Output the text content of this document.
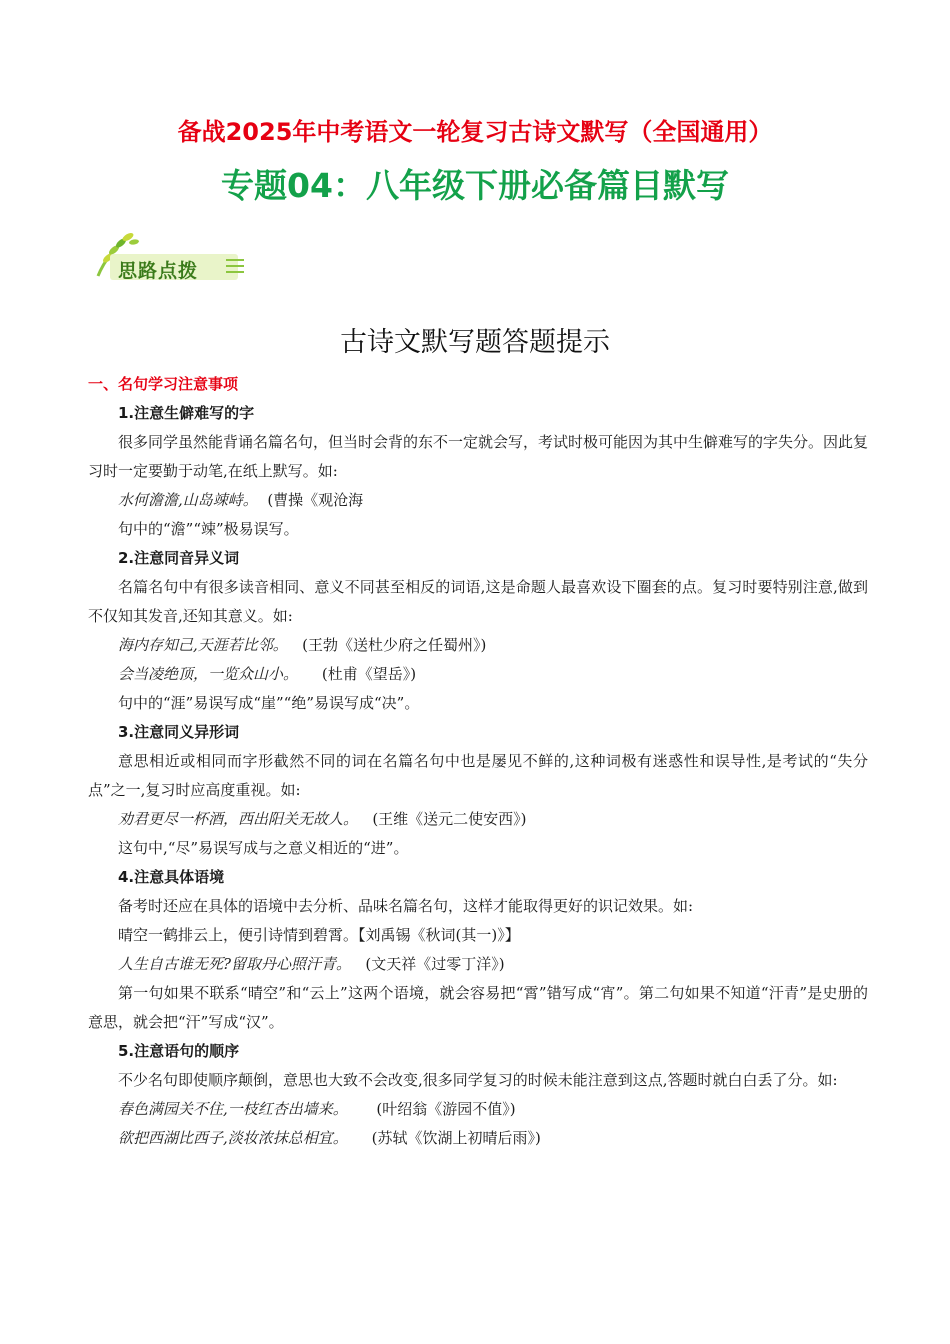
备战2025年中考语文一轮复习古诗文默写（全国通用）
专题04：八年级下册必备篇目默写
思路点拨
古诗文默写题答题提示
一、名句学习注意事项
1.注意生僻难写的字
很多同学虽然能背诵名篇名句，但当时会背的东不一定就会写，考试时极可能因为其中生僻难写的字失分。因此复习时一定要勤于动笔,在纸上默写。如:
水何澹澹,山岛竦峙。  (曹操《观沧海
句中的“澹”“竦”极易误写。
2.注意同音异义词
名篇名句中有很多读音相同、意义不同甚至相反的词语,这是命题人最喜欢设下圈套的点。复习时要特别注意,做到不仅知其发音,还知其意义。如:
海内存知己,天涯若比邻。   (王勃《送杜少府之任蜀州》)
会当凌绝顶，一览众山小。     (杜甫《望岳》)
句中的“涯”易误写成“崖”“绝”易误写成“决”。
3.注意同义异形词
意思相近或相同而字形截然不同的词在名篇名句中也是屡见不鲜的,这种词极有迷惑性和误导性,是考试的“失分点”之一,复习时应高度重视。如:
劝君更尽一杯酒，西出阳关无故人。   (王维《送元二使安西》)
这句中,“尽”易误写成与之意义相近的“进”。
4.注意具体语境
备考时还应在具体的语境中去分析、品味名篇名句，这样才能取得更好的识记效果。如:
晴空一鹤排云上，便引诗情到碧霄。【刘禹锡《秋词(其一)》】
人生自古谁无死?留取丹心照汗青。   (文天祥《过零丁洋》)
第一句如果不联系“晴空”和“云上”这两个语境，就会容易把“霄”错写成“宵”。第二句如果不知道“汗青”是史册的意思，就会把“汗”写成“汉”。
5.注意语句的顺序
不少名句即使顺序颠倒，意思也大致不会改变,很多同学复习的时候未能注意到这点,答题时就白白丢了分。如:
春色满园关不住,一枝红杏出墙来。      (叶绍翁《游园不值》)
欲把西湖比西子,淡妆浓抹总相宜。     (苏轼《饮湖上初晴后雨》)
